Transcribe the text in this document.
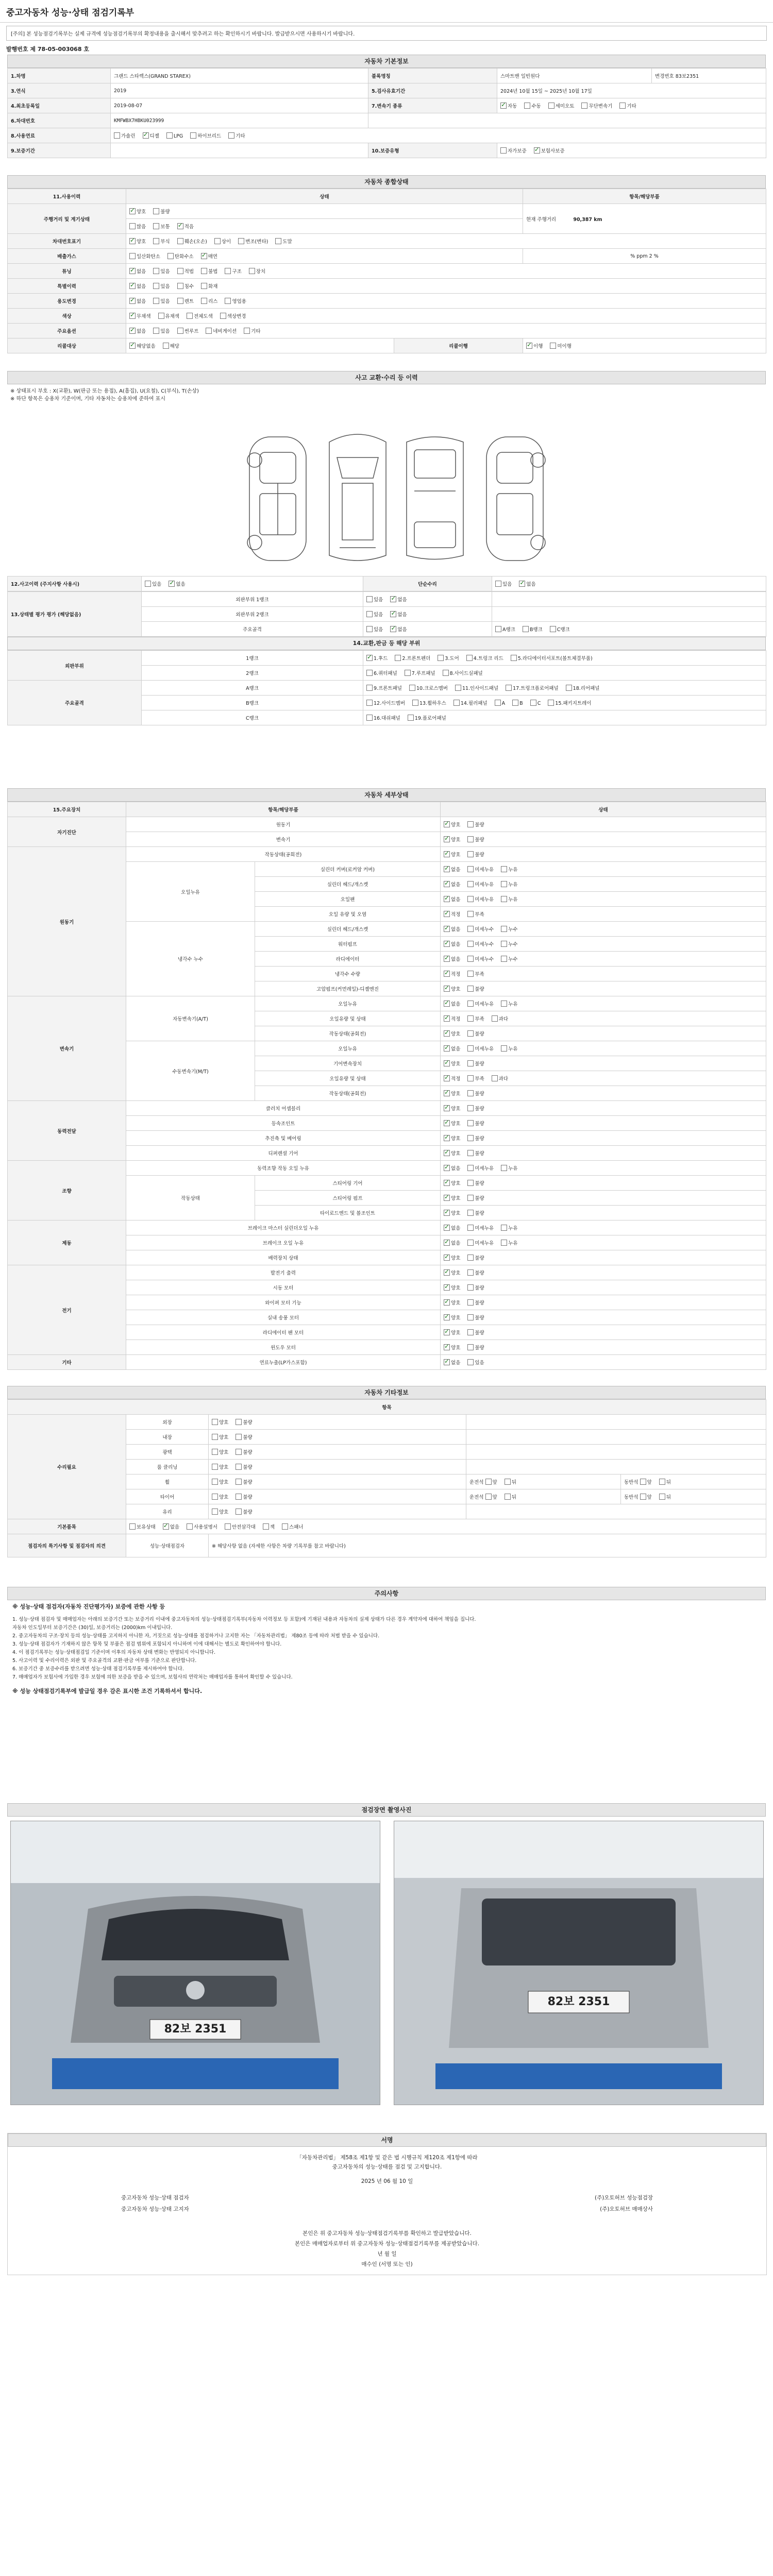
중고자동차 성능·상태 점검기록부
[주의] 본 성능점검기록부는 실제 규격에 성능점검기록부의 확정내용을 출시해서 맞추려고 하는 확인하시기 바랍니다. 발급받으시면 사용하시기 바랍니다.
발행번호 제 78-05-003068 호
자동차 기본정보
1.차명	그랜드 스타렉스(GRAND STAREX)	블록명칭	스마트밴 일빈원다	변경번호 83보2351
3.연식	2019	5.검사유효기간	2024년 10월 15일 ~ 2025년 10월 17일	
4.최초등록일	2019-08-07	7.변속기 종류	✓자동 수동 세미오토 무단변속기 기타
6.차대번호	KMFWBX7HBKU023999			
8.사용연료	가솔린 ✓ 디젤 LPG 하이브리드 기타
9.보증기간		10.보증유형	자가보증 ✓ 보험사보증
자동차 종합상태
11.사용이력	상태		항목/해당부품
주행거리 및 계기상태	✓양호 불량		현재 주행거리 90,387 km
	많음 보통 ✓ 적음
차대번호표기	✓양호 부식 훼손(오손) 상이 변조(변타) 도말
배출가스	일산화탄소 탄화수소 ✓ 매연		% ppm 2 %
튜닝	✓없음 있음 적법 불법 구조 장치
특별이력	✓없음 있음 침수 화재
용도변경	✓없음 있음 렌트 리스 영업용
색상	✓무채색 유채색 전체도색 색상변경
주요옵션	✓없음 있음 썬루프 네비게이션 기타
리콜대상	✓해당없음 해당	리콜이행	✓이행 미이행
사고 교환·수리 등 이력
※ 상태표시 부호 : X(교환), W(판금 또는 용접), A(흠집), U(요철), C(부식), T(손상)
※ 하단 항목은 승용차 기준이며, 기타 자동차는 승용차에 준하여 표시
12.사고이력 (주지사항 사용시)	있음 ✓	없음	단순수리	있음 ✓	없음
13.상태별 평가 평가 (해당없음)	외판부위 1랭크	있음 ✓ 없음	
	외판부위 2랭크	있음 ✓ 없음	
	주요골격	있음 ✓ 없음	A랭크 B랭크 C랭크
14.교환,판금 등 해당 부위
외판부위	1랭크	✓1.후드 2.프론트펜더 3.도어 4.트렁크 리드 5.라디에이터서포트(볼트체결부품)
	2랭크	6.쿼터패널 7.루프패널 8.사이드실패널
주요골격	A랭크	9.프론트패널 10.크로스멤버 11.인사이드패널 17.트렁크플로어패널 18.리어패널
	B랭크	12.사이드멤버 13.휠하우스 14.필러패널 A B C 15.패키지트레이
	C랭크	16.대쉬패널 19.플로어패널
자동차 세부상태
15.주요장치	항목/해당부품		상태
자기진단	원동기	✓양호 불량
	변속기	✓양호 불량
원동기	작동상태(공회전)	✓양호 불량
	오일누유	실린더 커버(로커암 커버)	✓없음 미세누유 누유
		실린더 헤드/개스켓	✓없음 미세누유 누유
		오일팬	✓없음 미세누유 누유
		오일 유량 및 오염	✓적정 부족
	냉각수 누수	실린더 헤드/개스켓	✓없음 미세누수 누수
		워터펌프	✓없음 미세누수 누수
		라디에이터	✓없음 미세누수 누수
		냉각수 수량	✓적정 부족
		고압펌프(커먼레일)-디젤엔진	✓양호 불량
변속기	자동변속기(A/T)	오일누유	✓없음 미세누유 누유
		오일유량 및 상태	✓적정 부족 과다
		작동상태(공회전)	✓양호 불량
	수동변속기(M/T)	오일누유	✓없음 미세누유 누유
		기어변속장치	✓양호 불량
		오일유량 및 상태	✓적정 부족 과다
		작동상태(공회전)	✓양호 불량
동력전달	클러치 어셈블리	✓양호 불량
	등속조인트	✓양호 불량
	추진축 및 베어링	✓양호 불량
	디퍼렌셜 기어	✓양호 불량
조향	동력조향 작동 오일 누유	✓없음 미세누유 누유
	작동상태	스티어링 기어	✓양호 불량
		스티어링 펌프	✓양호 불량
		타이로드엔드 및 볼조인트	✓양호 불량
제동	브레이크 마스터 실린더오일 누유	✓없음 미세누유 누유
	브레이크 오일 누유	✓없음 미세누유 누유
	배력장치 상태	✓양호 불량
전기	발전기 출력	✓양호 불량
	시동 모터	✓양호 불량
	와이퍼 모터 기능	✓양호 불량
	실내 송풍 모터	✓양호 불량
	라디에이터 팬 모터	✓양호 불량
	윈도우 모터	✓양호 불량
기타	연료누출(LP가스포함)	✓없음 있음
자동차 기타정보
항목				
수리필요	외장	양호 불량		
	내장	양호 불량		
	광택	양호 불량		
	룸 클리닝	양호 불량		
	휠	양호 불량	운전석 앞 뒤	동반석 앞 뒤
	타이어	양호 불량	운전석 앞 뒤	동반석 앞 뒤
	유리	양호 불량		
기본품목	보유상태 ✓ 없음 사용설명서 안전삼각대 잭 스패너
점검자의 특기사항 및 점검자의 의견	성능·상태점검자	※ 해당사항 없음 (자세한 사항은 차량 기록부를 참고 바랍니다)		
주의사항
※ 성능·상태 점검자(자동차 진단평가자) 보증에 관한 사항 등
1. 성능·상태 점검자 및 매매업자는 아래의 보증기간 또는 보증거리 이내에 중고자동차의 성능·상태점검기록부(자동차 이력정보 등 포함)에 기재된 내용과 자동차의 실제 상태가 다른 경우 계약자에 대하여 책임을 집니다.
자동차 인도일부터 보증기간은 (30)일, 보증거리는 (2000)km 이내입니다.
2. 중고자동차의 구조·장치 등의 성능·상태를 고지하지 아니한 자, 거짓으로 성능·상태를 점검하거나 고지한 자는 「자동차관리법」 제80조 등에 따라 처벌 받을 수 있습니다.
3. 성능·상태 점검자가 기재하지 않은 항목 및 부품은 점검 범위에 포함되지 아니하며 이에 대해서는 별도로 확인하여야 합니다.
4. 이 점검기록부는 성능·상태점검일 기준이며 이후의 자동차 상태 변화는 반영되지 아니합니다.
5. 사고이력 및 수리이력은 외판 및 주요골격의 교환·판금 여부를 기준으로 판단합니다.
6. 보증기간 중 보증수리를 받으려면 성능·상태 점검기록부를 제시하여야 합니다.
7. 매매업자가 보험사에 가입한 경우 보험에 의한 보증을 받을 수 있으며, 보험사의 연락처는 매매업자를 통하여 확인할 수 있습니다.
※ 성능 상태점검기록부에 발급일 경우 감은 표시한 조건 기록하셔서 합니다.
점검장면 촬영사진
82보 2351
82보 2351
서명

「자동차관리법」 제58조 제1항 및 같은 법 시행규칙 제120조 제1항에 따라

중고자동차의 성능·상태를 점검 및 고지합니다.

2025 년 06 월 10 일

중고자동차 성능·상태 점검자	(주)오토허브 성능점검장
중고자동차 성능·상태 고지자	(주)오토허브 매매상사

본인은 위 중고자동차 성능·상태점검기록부를 확인하고 발급받았습니다.

본인은 매매업자로부터 위 중고자동차 성능·상태점검기록부를 제공받았습니다.

년 월 일

매수인 (서명 또는 인)
